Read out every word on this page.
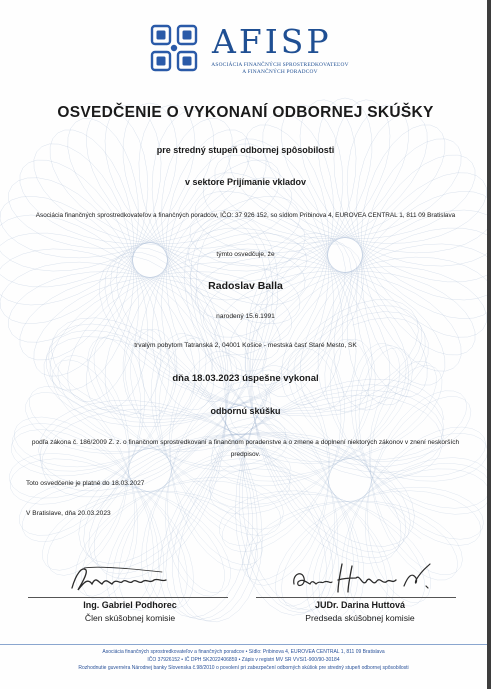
AFISP
ASOCIÁCIA FINANČNÝCH SPROSTREDKOVATEĽOV
A FINANČNÝCH PORADCOV
OSVEDČENIE O VYKONANÍ ODBORNEJ SKÚŠKY
pre stredný stupeň odbornej spôsobilosti
v sektore Prijímanie vkladov
Asociácia finančných sprostredkovateľov a finančných poradcov, IČO: 37 926 152, so sídlom Pribinova 4, EUROVEA CENTRAL 1, 811 09 Bratislava
týmto osvedčuje, že
Radoslav Balla
narodený 15.6.1991
trvalým pobytom Tatranská 2, 04001 Košice - mestská časť Staré Mesto, SK
dňa 18.03.2023 úspešne vykonal
odbornú skúšku
podľa zákona č. 186/2009 Z. z. o finančnom sprostredkovaní a finančnom poradenstve a o zmene a doplnení niektorých zákonov v znení neskorších predpisov.
Toto osvedčenie je platné do 18.03.2027
V Bratislave, dňa 20.03.2023
Ing. Gabriel Podhorec
Člen skúšobnej komisie
JUDr. Darina Huttová
Predseda skúšobnej komisie
Asociácia finančných sprostredkovateľov a finančných poradcov • Sídlo: Pribinova 4, EUROVEA CENTRAL 1, 811 09 Bratislava
IČO 37926152 • IČ DPH SK2022406859 • Zápis v registri MV SR VVS/1-900/90-30184
Rozhodnutie guvernéra Národnej banky Slovenska č.98/2010 o povolení pri zabezpečení odborných skúšok pre stredný stupeň odbornej spôsobilosti
